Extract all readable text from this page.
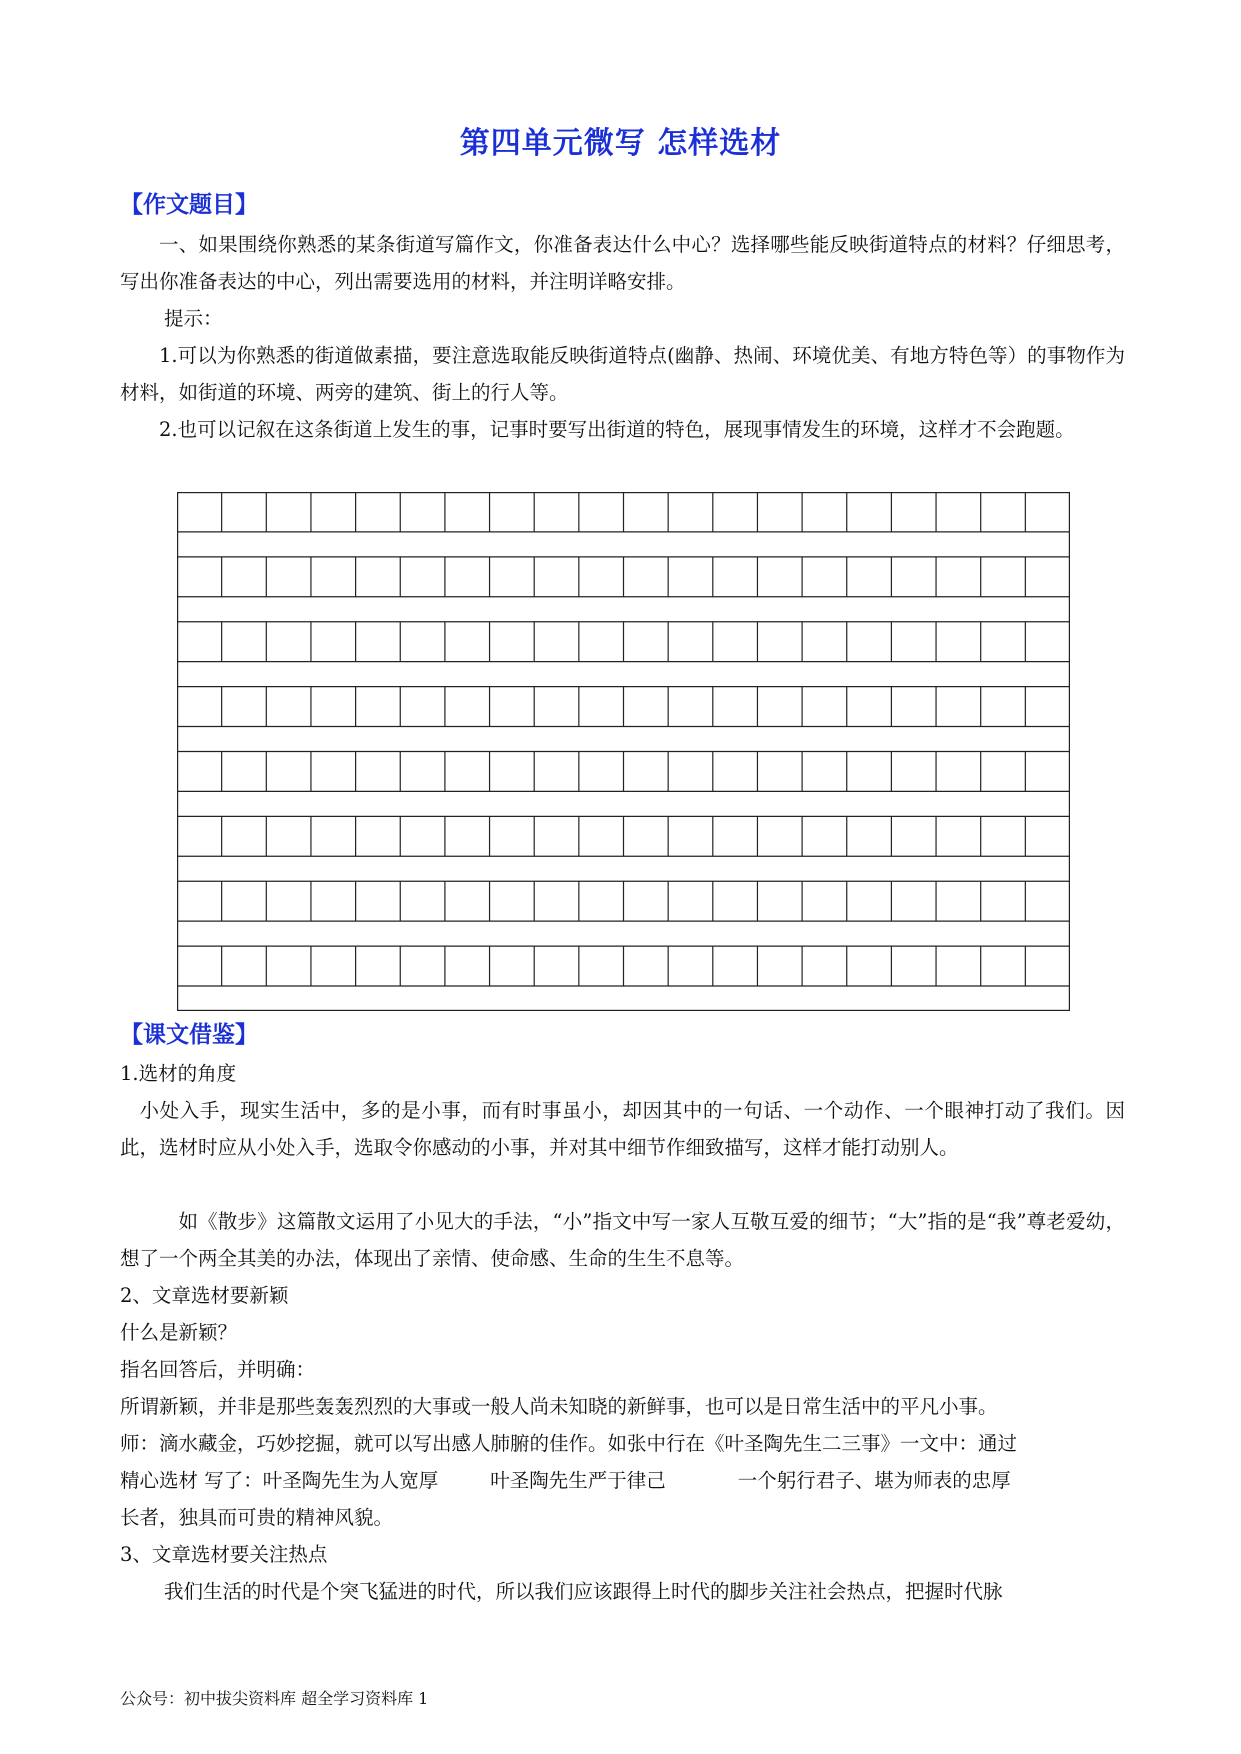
第四单元微写 怎样选材
【作文题目】

一、如果围绕你熟悉的某条街道写篇作文，你准备表达什么中心？选择哪些能反映街道特点的材料？仔细思考，写出你准备表达的中心，列出需要选用的材料，并注明详略安排。

提示：

1.可以为你熟悉的街道做素描，要注意选取能反映街道特点(幽静、热闹、环境优美、有地方特色等）的事物作为材料，如街道的环境、两旁的建筑、街上的行人等。

2.也可以记叙在这条街道上发生的事，记事时要写出街道的特色，展现事情发生的环境，这样才不会跑题。

【课文借鉴】

1.选材的角度

小处入手，现实生活中，多的是小事，而有时事虽小，却因其中的一句话、一个动作、一个眼神打动了我们。因此，选材时应从小处入手，选取令你感动的小事，并对其中细节作细致描写，这样才能打动别人。

如《散步》这篇散文运用了小见大的手法，“小”指文中写一家人互敬互爱的细节；“大”指的是“我”尊老爱幼，想了一个两全其美的办法，体现出了亲情、使命感、生命的生生不息等。

2、文章选材要新颖

什么是新颖？

指名回答后，并明确：

所谓新颖，并非是那些轰轰烈烈的大事或一般人尚未知晓的新鲜事，也可以是日常生活中的平凡小事。

师：滴水藏金，巧妙挖掘，就可以写出感人肺腑的佳作。如张中行在《叶圣陶先生二三事》一文中：通过

精心选材 写了：叶圣陶先生为人宽厚	叶圣陶先生严于律己	一个躬行君子、堪为师表的忠厚

长者，独具而可贵的精神风貌。

3、文章选材要关注热点

我们生活的时代是个突飞猛进的时代，所以我们应该跟得上时代的脚步关注社会热点，把握时代脉

公众号：初中拔尖资料库 超全学习资料库 1
